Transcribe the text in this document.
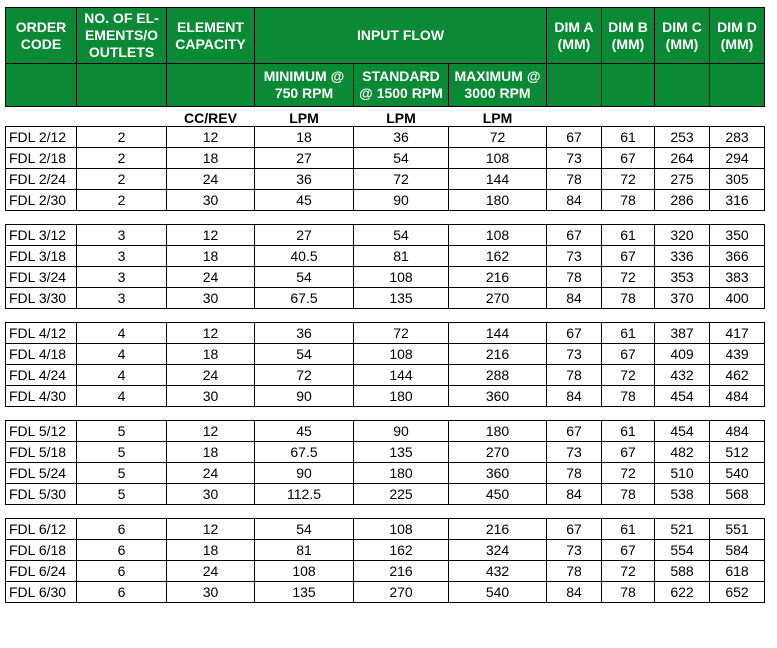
ORDER CODE	NO. OF EL-EMENTS/O OUTLETS	ELEMENT CAPACITY	INPUT FLOW			DIM A (MM)	DIM B (MM)	DIM C (MM)	DIM D (MM)
			MINIMUM @ 750 RPM	STANDARD @ 1500 RPM	MAXIMUM @ 3000 RPM				
		CC/REV	LPM	LPM	LPM				
FDL 2/12	2	12	18	36	72	67	61	253	283
FDL 2/18	2	18	27	54	108	73	67	264	294
FDL 2/24	2	24	36	72	144	78	72	275	305
FDL 2/30	2	30	45	90	180	84	78	286	316

FDL 3/12	3	12	27	54	108	67	61	320	350
FDL 3/18	3	18	40.5	81	162	73	67	336	366
FDL 3/24	3	24	54	108	216	78	72	353	383
FDL 3/30	3	30	67.5	135	270	84	78	370	400

FDL 4/12	4	12	36	72	144	67	61	387	417
FDL 4/18	4	18	54	108	216	73	67	409	439
FDL 4/24	4	24	72	144	288	78	72	432	462
FDL 4/30	4	30	90	180	360	84	78	454	484

FDL 5/12	5	12	45	90	180	67	61	454	484
FDL 5/18	5	18	67.5	135	270	73	67	482	512
FDL 5/24	5	24	90	180	360	78	72	510	540
FDL 5/30	5	30	112.5	225	450	84	78	538	568

FDL 6/12	6	12	54	108	216	67	61	521	551
FDL 6/18	6	18	81	162	324	73	67	554	584
FDL 6/24	6	24	108	216	432	78	72	588	618
FDL 6/30	6	30	135	270	540	84	78	622	652
